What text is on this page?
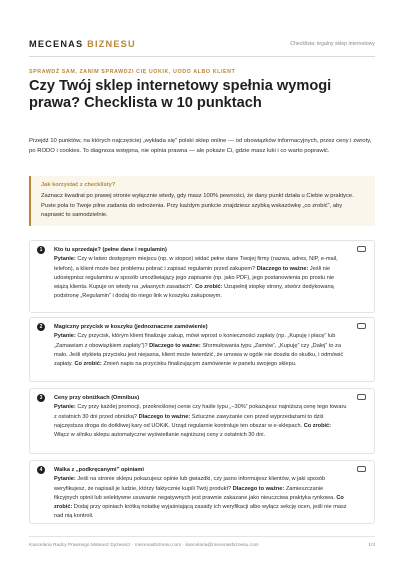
MECENAS BIZNESU	Checklista: legalny sklep internetowy
SPRAWDŹ SAM, ZANIM SPRAWDZI CIĘ UOKIK, UODO ALBO KLIENT
Czy Twój sklep internetowy spełnia wymogi prawa? Checklista w 10 punktach
Przejdź 10 punktów, na których najczęściej „wykłada się” polski sklep online — od obowiązków informacyjnych, przez ceny i zwroty, po RODO i cookies. To diagnoza wstępna, nie opinia prawna — ale pokaże Ci, gdzie masz luki i co warto poprawić.
Jak korzystać z checklisty?
Zaznacz kwadrat po prawej stronie wyłącznie wtedy, gdy masz 100% pewności, że dany punkt działa u Ciebie w praktyce. Puste pola to Twoje pilne zadania do wdrożenia. Przy każdym punkcie znajdziesz szybką wskazówkę „co zrobić”, aby naprawić to samodzielnie.
1	Kto tu sprzedaje? (pełne dane i regulamin)
Pytanie: Czy w łatwo dostępnym miejscu (np. w stopce) widać pełne dane Twojej firmy (nazwa, adres, NIP, e-mail, telefon), a klient może bez problemu pobrać i zapisać regulamin przed zakupem? Dlaczego to ważne: Jeśli nie udostępnisz regulaminu w sposób umożliwiający jego zapisanie (np. jako PDF), jego postanowienia po prostu nie wiążą klienta. Kupuje on wtedy na „własnych zasadach”. Co zrobić: Uzupełnij stopkę strony, stwórz dedykowaną podstronę „Regulamin” i dodaj do niego link w koszyku zakupowym.
2	Magiczny przycisk w koszyku (jednoznaczne zamówienie)
Pytanie: Czy przycisk, którym klient finalizuje zakup, mówi wprost o konieczności zapłaty (np. „Kupuję i płacę” lub „Zamawiam z obowiązkiem zapłaty”)? Dlaczego to ważne: Sformułowania typu „Zamów”, „Kupuję” czy „Dalej” to za mało. Jeśli etykieta przycisku jest niejasna, klient może twierdzić, że umowa w ogóle nie doszła do skutku, i odmówić zapłaty. Co zrobić: Zmień napis na przycisku finalizującym zamówienie w panelu swojego sklepu.
3	Ceny przy obniżkach (Omnibus)
Pytanie: Czy przy każdej promocji, przekreślonej cenie czy haśle typu „−30%” pokazujesz najniższą cenę tego towaru z ostatnich 30 dni przed obniżką? Dlaczego to ważne: Sztuczne zawyżanie cen przed wyprzedażami to dziś najczęstsza droga do dotkliwej kary od UOKiK. Urząd regularnie kontroluje ten obszar w e-sklepach. Co zrobić: Włącz w silniku sklepu automatyczne wyświetlanie najniższej ceny z ostatnich 30 dni.
4	Walka z „podkręcanymi” opiniami
Pytanie: Jeśli na stronie sklepu pokazujesz opinie lub gwiazdki, czy jasno informujesz klientów, w jaki sposób weryfikujesz, że napisali je ludzie, którzy faktycznie kupili Twój produkt? Dlaczego to ważne: Zamieszczanie fikcyjnych opinii lub selektywne usuwanie negatywnych jest prawnie zakazane jako nieuczciwa praktyka rynkowa. Co zrobić: Dodaj przy opiniach krótką notatkę wyjaśniającą zasady ich weryfikacji albo wyłącz sekcję ocen, jeśli nie masz nad nią kontroli.
Kancelaria Radcy Prawnego Mateusz Dyżewicz · mecenasbiznesu.com · kancelaria@mecenasbiznesu.com	1/3
